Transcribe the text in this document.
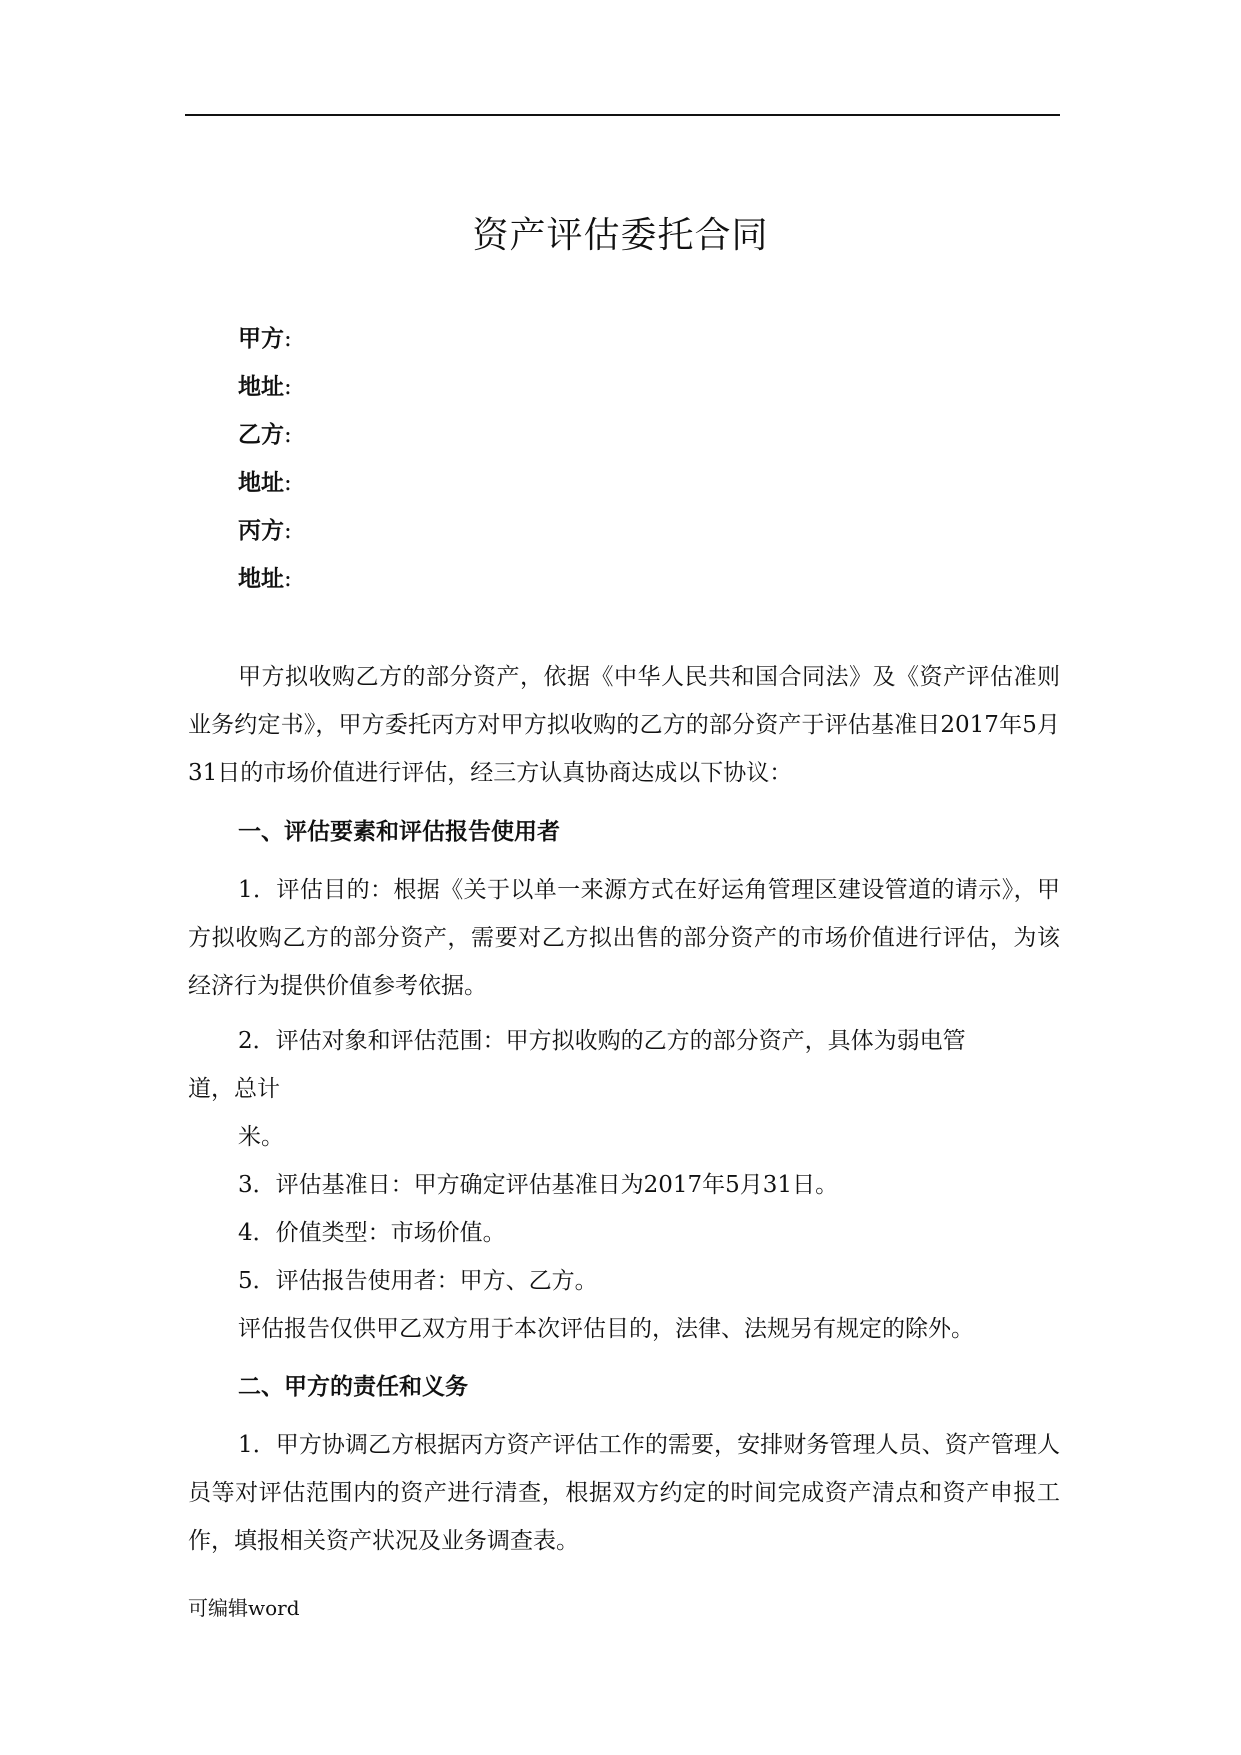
资产评估委托合同
甲方:
地址:
乙方:
地址:
丙方:
地址:

甲方拟收购乙方的部分资产，依据《中华人民共和国合同法》及《资产评估准则业务约定书》，甲方委托丙方对甲方拟收购的乙方的部分资产于评估基准日2017年5月31日的市场价值进行评估，经三方认真协商达成以下协议：

一、评估要素和评估报告使用者

1．评估目的：根据《关于以单一来源方式在好运角管理区建设管道的请示》，甲方拟收购乙方的部分资产，需要对乙方拟出售的部分资产的市场价值进行评估，为该经济行为提供价值参考依据。

2．评估对象和评估范围：甲方拟收购的乙方的部分资产，具体为弱电管
道，总计
米。
3．评估基准日：甲方确定评估基准日为2017年5月31日。
4．价值类型：市场价值。
5．评估报告使用者：甲方、乙方。
评估报告仅供甲乙双方用于本次评估目的，法律、法规另有规定的除外。
二、甲方的责任和义务

1．甲方协调乙方根据丙方资产评估工作的需要，安排财务管理人员、资产管理人员等对评估范围内的资产进行清查，根据双方约定的时间完成资产清点和资产申报工作，填报相关资产状况及业务调查表。

可编辑word
